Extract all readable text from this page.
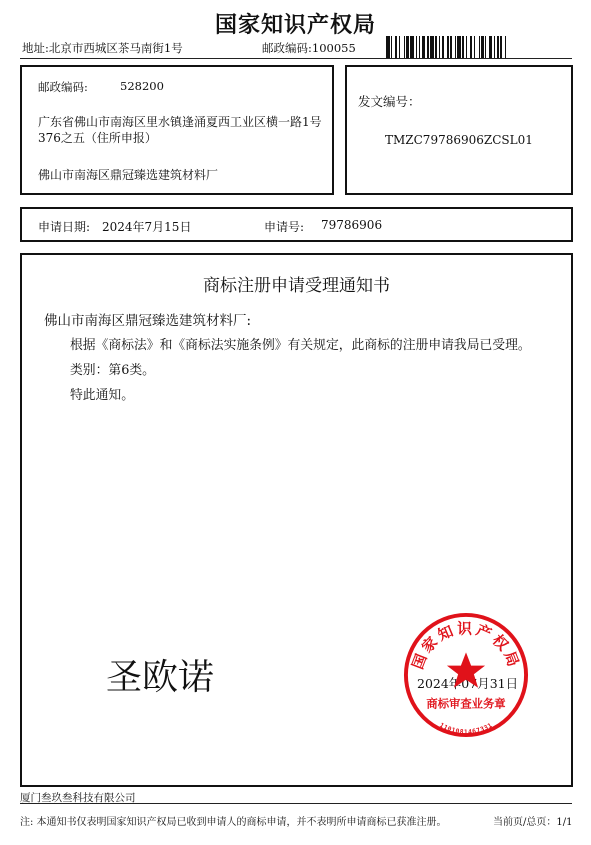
国家知识产权局
地址:北京市西城区茶马南街1号	邮政编码:100055
邮政编码:	528200
广东省佛山市南海区里水镇逢涌夏西工业区横一路1号
376之五（住所申报）
佛山市南海区鼎冠臻选建筑材料厂
发文编号：
TMZC79786906ZCSL01
申请日期: 2024年7月15日	申请号: 79786906
商标注册申请受理通知书
佛山市南海区鼎冠臻选建筑材料厂:
根据《商标法》和《商标法实施条例》有关规定，此商标的注册申请我局已受理。
类别：第6类。
特此通知。
圣欧诺	2024年07月31日
国家知识产权局
商标审查业务章
1101081467331
厦门叁玖叁科技有限公司
注: 本通知书仅表明国家知识产权局已收到申请人的商标申请，并不表明所申请商标已获准注册。	当前页/总页：1/1
